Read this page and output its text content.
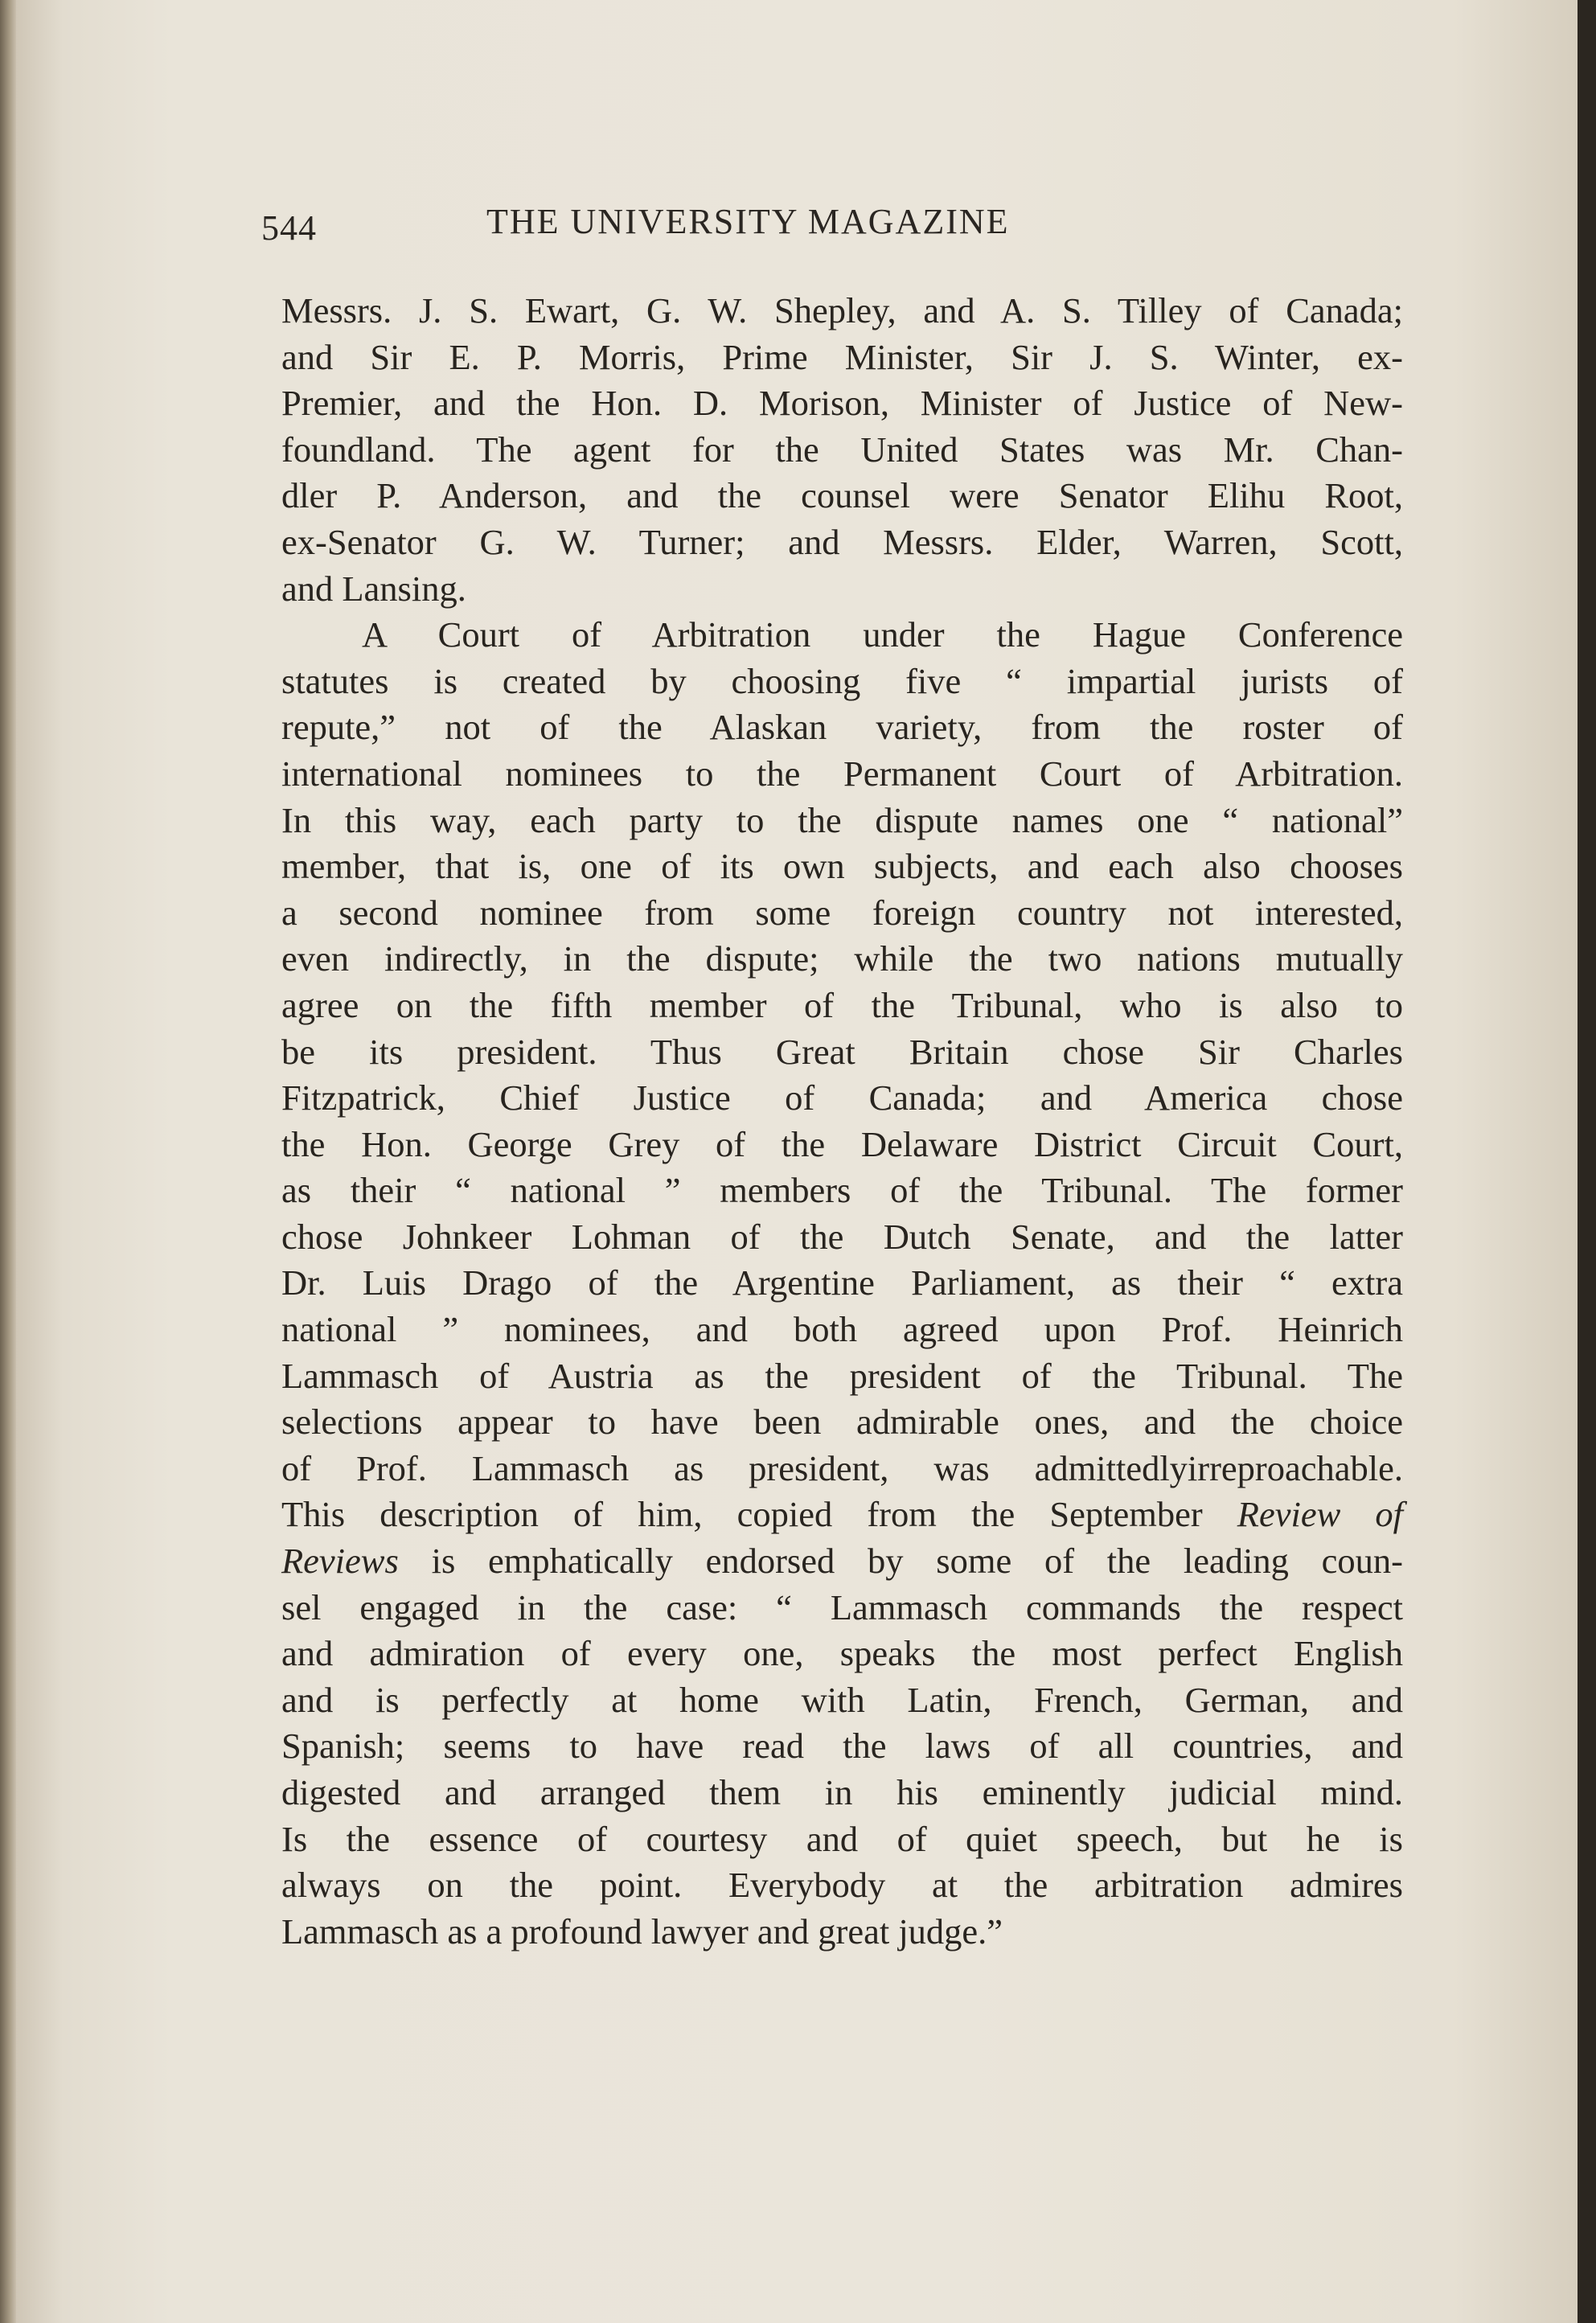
544	THE UNIVERSITY MAGAZINE

Messrs. J. S. Ewart, G. W. Shepley, and A. S. Tilley of Canada;
and Sir E. P. Morris, Prime Minister, Sir J. S. Winter, ex-
Premier, and the Hon. D. Morison, Minister of Justice of New-
foundland. The agent for the United States was Mr. Chan-
dler P. Anderson, and the counsel were Senator Elihu Root,
ex-Senator G. W. Turner; and Messrs. Elder, Warren, Scott,
and Lansing.

A Court of Arbitration under the Hague Conference
statutes is created by choosing five “ impartial jurists of
repute,” not of the Alaskan variety, from the roster of
international nominees to the Permanent Court of Arbitration.
In this way, each party to the dispute names one “ national”
member, that is, one of its own subjects, and each also chooses
a second nominee from some foreign country not interested,
even indirectly, in the dispute; while the two nations mutually
agree on the fifth member of the Tribunal, who is also to
be its president. Thus Great Britain chose Sir Charles
Fitzpatrick, Chief Justice of Canada; and America chose
the Hon. George Grey of the Delaware District Circuit Court,
as their “ national ” members of the Tribunal. The former
chose Johnkeer Lohman of the Dutch Senate, and the latter
Dr. Luis Drago of the Argentine Parliament, as their “ extra
national ” nominees, and both agreed upon Prof. Heinrich
Lammasch of Austria as the president of the Tribunal. The
selections appear to have been admirable ones, and the choice
of Prof. Lammasch as president, was admittedlyirreproachable.
This description of him, copied from the September Review of
Reviews is emphatically endorsed by some of the leading coun-
sel engaged in the case: “ Lammasch commands the respect
and admiration of every one, speaks the most perfect English
and is perfectly at home with Latin, French, German, and
Spanish; seems to have read the laws of all countries, and
digested and arranged them in his eminently judicial mind.
Is the essence of courtesy and of quiet speech, but he is
always on the point. Everybody at the arbitration admires
Lammasch as a profound lawyer and great judge.”
